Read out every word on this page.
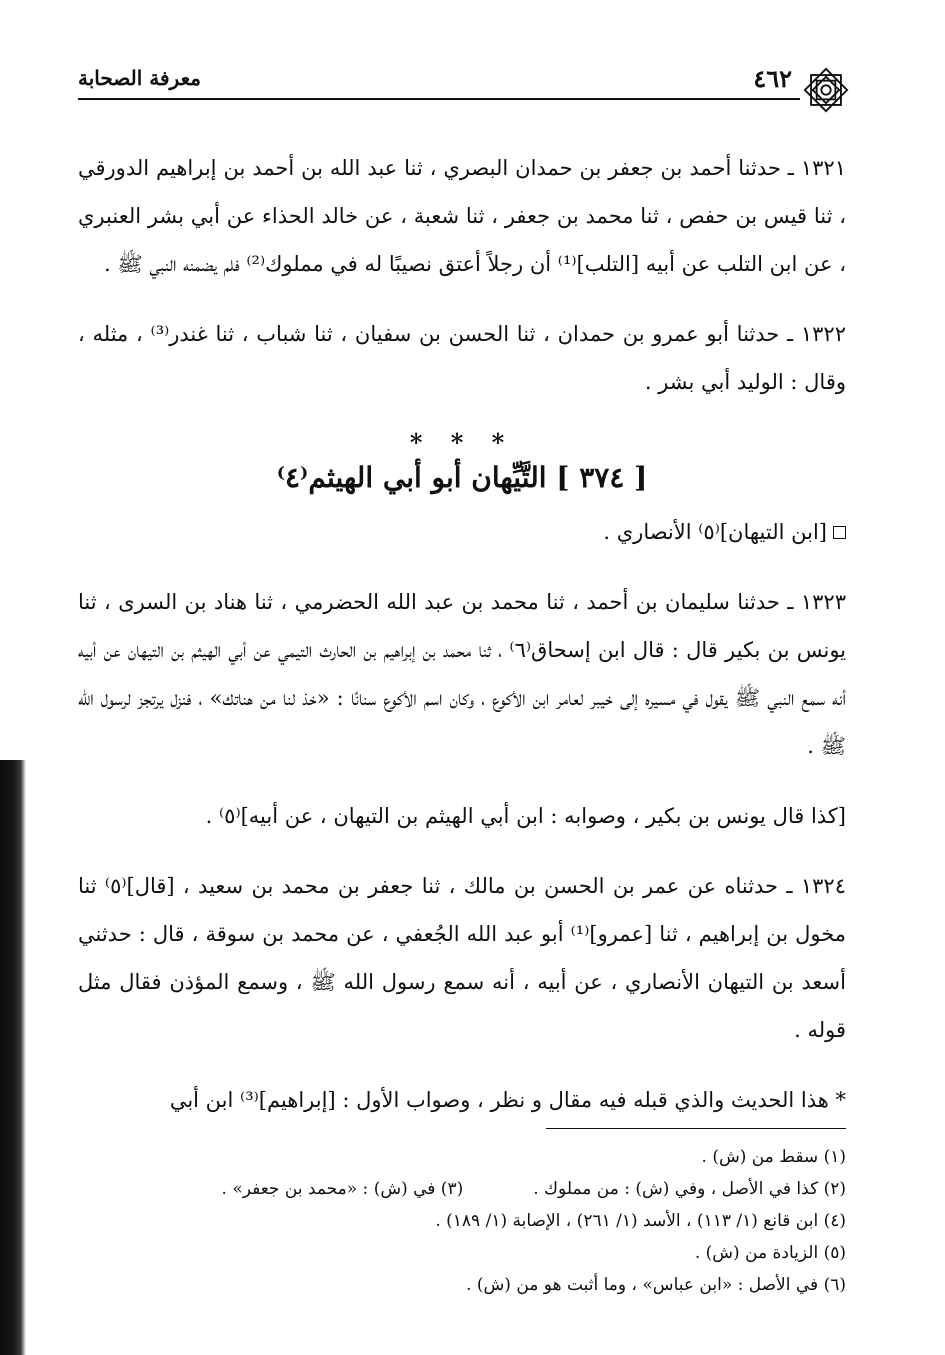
٤٦٢
معرفة الصحابة

١٣٢١ ـ حدثنا أحمد بن جعفر بن حمدان البصري ، ثنا عبد الله بن أحمد بن إبراهيم الدورقي ، ثنا قيس بن حفص ، ثنا محمد بن جعفر ، ثنا شعبة ، عن خالد الحذاء عن أبي بشر العنبري ، عن ابن التلب عن أبيه [التلب]⁽¹⁾ أن رجلاً أعتق نصيبًا له في مملوك⁽²⁾ فلم يضمنه النبي ﷺ .

١٣٢٢ ـ حدثنا أبو عمرو بن حمدان ، ثنا الحسن بن سفيان ، ثنا شباب ، ثنا غندر⁽³⁾ ، مثله ، وقال : الوليد أبي بشر .

* * *
[ ٣٧٤ ] التَّيِّهان أبو أبي الهيثم⁽٤⁾

[ابن التيهان]⁽٥⁾ الأنصاري .

١٣٢٣ ـ حدثنا سليمان بن أحمد ، ثنا محمد بن عبد الله الحضرمي ، ثنا هناد بن السرى ، ثنا يونس بن بكير قال : قال ابن إسحاق⁽٦⁾ ، ثنا محمد بن إبراهيم بن الحارث التيمي عن أبي الهيثم بن التيهان عن أبيه أنه سمع النبي ﷺ يقول في مسيره إلى خيبر لعامر ابن الأكوع ، وكان اسم الأكوع سنانًا : «خذ لنا من هناتك» ، فنزل يرتجز لرسول الله ﷺ .

[كذا قال يونس بن بكير ، وصوابه : ابن أبي الهيثم بن التيهان ، عن أبيه]⁽٥⁾ .

١٣٢٤ ـ حدثناه عن عمر بن الحسن بن مالك ، ثنا جعفر بن محمد بن سعيد ، [قال]⁽٥⁾ ثنا مخول بن إبراهيم ، ثنا [عمرو]⁽¹⁾ أبو عبد الله الجُعفي ، عن محمد بن سوقة ، قال : حدثني أسعد بن التيهان الأنصاري ، عن أبيه ، أنه سمع رسول الله ﷺ ، وسمع المؤذن فقال مثل قوله .

* هذا الحديث والذي قبله فيه مقال و نظر ، وصواب الأول : [إبراهيم]⁽³⁾ ابن أبي

(١) سقط من (ش) .
(٢) كذا في الأصل ، وفي (ش) : من مملوك .(٣) في (ش) : «محمد بن جعفر» .
(٤) ابن قانع (١/ ١١٣) ، الأسد (١/ ٢٦١) ، الإصابة (١/ ١٨٩) .
(٥) الزيادة من (ش) .
(٦) في الأصل : «ابن عباس» ، وما أثبت هو من (ش) .
